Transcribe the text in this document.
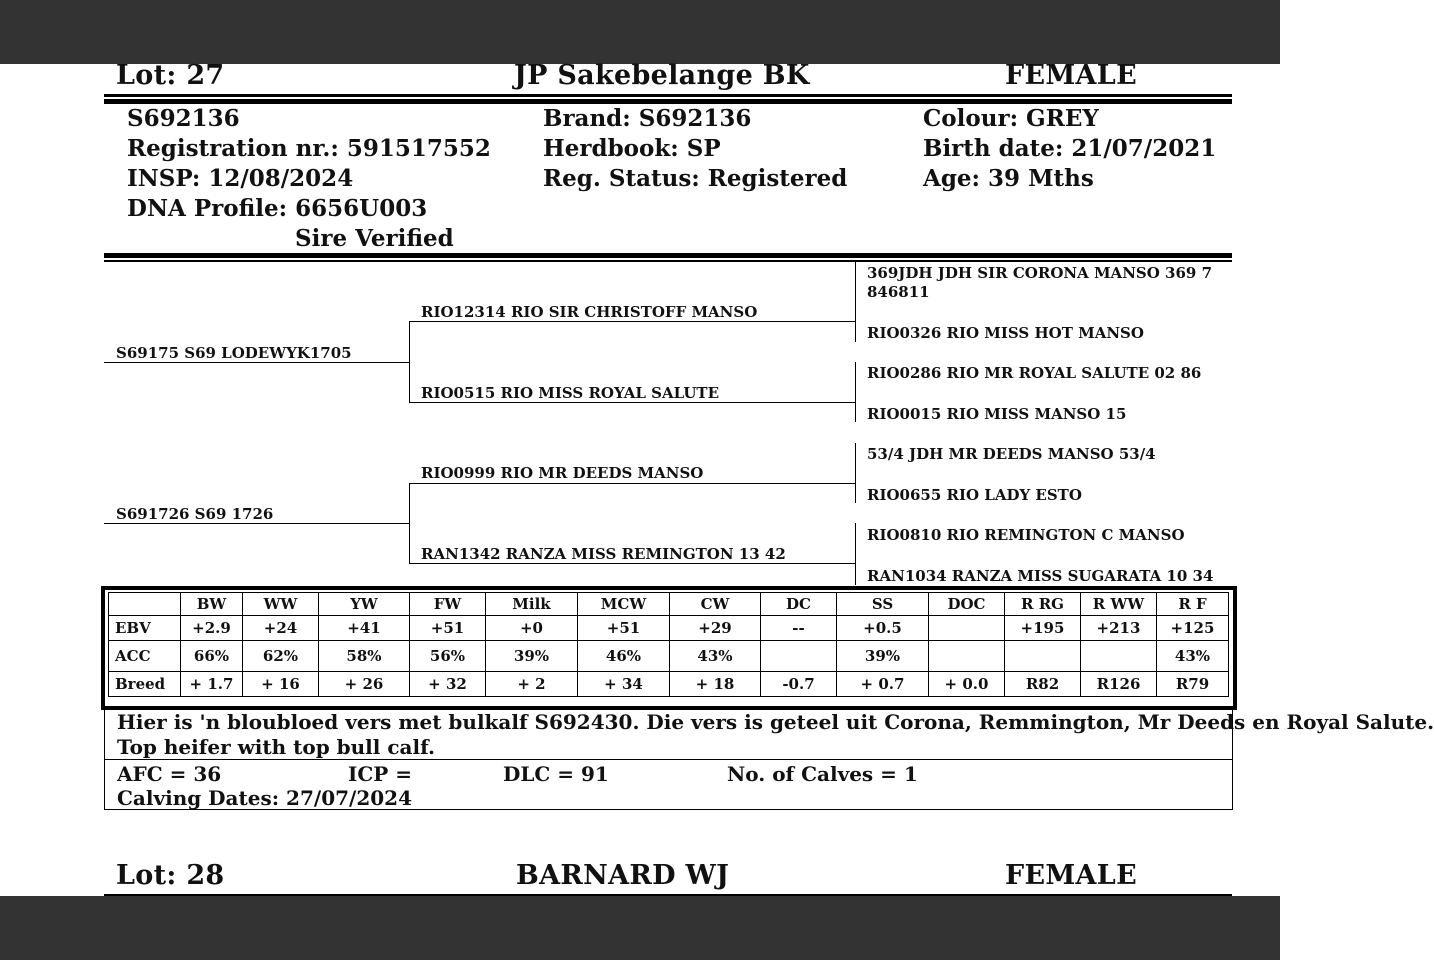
Lot: 27	JP Sakebelange BK	FEMALE
S692136
Registration nr.: 591517552
INSP: 12/08/2024
DNA Profile: 6656U003
Sire Verified
Brand: S692136
Herdbook: SP
Reg. Status: Registered
Colour: GREY
Birth date: 21/07/2021
Age: 39 Mths
S69175 S69 LODEWYK1705
S691726 S69 1726
RIO12314 RIO SIR CHRISTOFF MANSO
RIO0515 RIO MISS ROYAL SALUTE
RIO0999 RIO MR DEEDS MANSO
RAN1342 RANZA MISS REMINGTON 13 42
369JDH JDH SIR CORONA MANSO 369 7 846811
RIO0326 RIO MISS HOT MANSO
RIO0286 RIO MR ROYAL SALUTE 02 86
RIO0015 RIO MISS MANSO 15
53/4 JDH MR DEEDS MANSO 53/4
RIO0655 RIO LADY ESTO
RIO0810 RIO REMINGTON C MANSO
RAN1034 RANZA MISS SUGARATA 10 34
	BW	WW	YW	FW	Milk	MCW	CW	DC	SS	DOC	R RG	R WW	R F
EBV	+2.9	+24	+41	+51	+0	+51	+29	--	+0.5		+195	+213	+125
ACC	66%	62%	58%	56%	39%	46%	43%		39%				43%
Breed	+ 1.7	+ 16	+ 26	+ 32	+ 2	+ 34	+ 18	-0.7	+ 0.7	+ 0.0	R82	R126	R79
Hier is 'n bloubloed vers met bulkalf S692430. Die vers is geteel uit Corona, Remmington, Mr Deeds en Royal Salute.
Top heifer with top bull calf.
AFC = 36	ICP =	DLC = 91	No. of Calves = 1
Calving Dates: 27/07/2024
Lot: 28	BARNARD WJ	FEMALE
